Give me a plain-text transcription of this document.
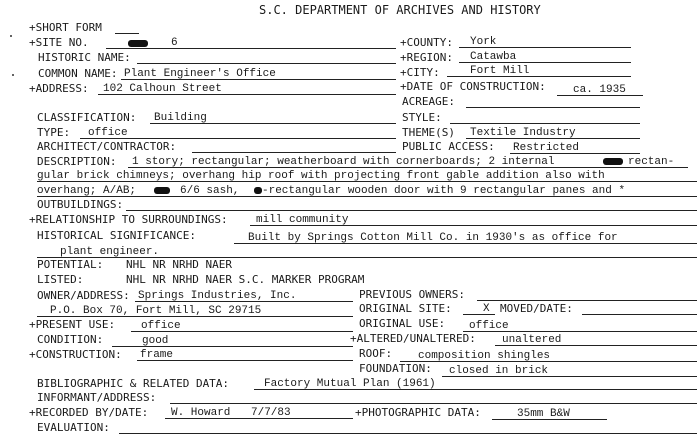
S.C. DEPARTMENT OF ARCHIVES AND HISTORY
+SHORT FORM
+SITE NO.	6	+COUNTY: York
HISTORIC NAME:	+REGION: Catawba
COMMON NAME: Plant Engineer's Office	+CITY:	Fort Mill
+ADDRESS: 102 Calhoun Street	+DATE OF CONSTRUCTION: ca. 1935
ACREAGE:
CLASSIFICATION: Building	STYLE:
TYPE: office	THEME(S) Textile Industry
ARCHITECT/CONTRACTOR:	PUBLIC ACCESS: Restricted
DESCRIPTION: 1 story; rectangular; weatherboard with cornerboards; 2 internal	rectan-
gular brick chimneys; overhang hip roof with projecting front gable addition also with
overhang; A/AB;	6/6 sash, -rectangular wooden door with 9 rectangular panes and *
OUTBUILDINGS:
+RELATIONSHIP TO SURROUNDINGS:	mill community
HISTORICAL SIGNIFICANCE:	Built by Springs Cotton Mill Co. in 1930's as office for
plant engineer.
POTENTIAL: NHL NR NRHD NAER
LISTED:	NHL NR NRHD NAER S.C. MARKER PROGRAM
OWNER/ADDRESS: Springs Industries, Inc.	PREVIOUS OWNERS:
P.O. Box 70, Fort Mill, SC 29715	ORIGINAL SITE:	X MOVED/DATE:
+PRESENT USE: office	ORIGINAL USE: office
CONDITION:	good	+ALTERED/UNALTERED: unaltered
+CONSTRUCTION: frame	ROOF: composition shingles
FOUNDATION: closed in brick
BIBLIOGRAPHIC & RELATED DATA:	Factory Mutual Plan (1961)
INFORMANT/ADDRESS:
+RECORDED BY/DATE: W. Howard 7/7/83	+PHOTOGRAPHIC DATA:	35mm B&W
EVALUATION:
